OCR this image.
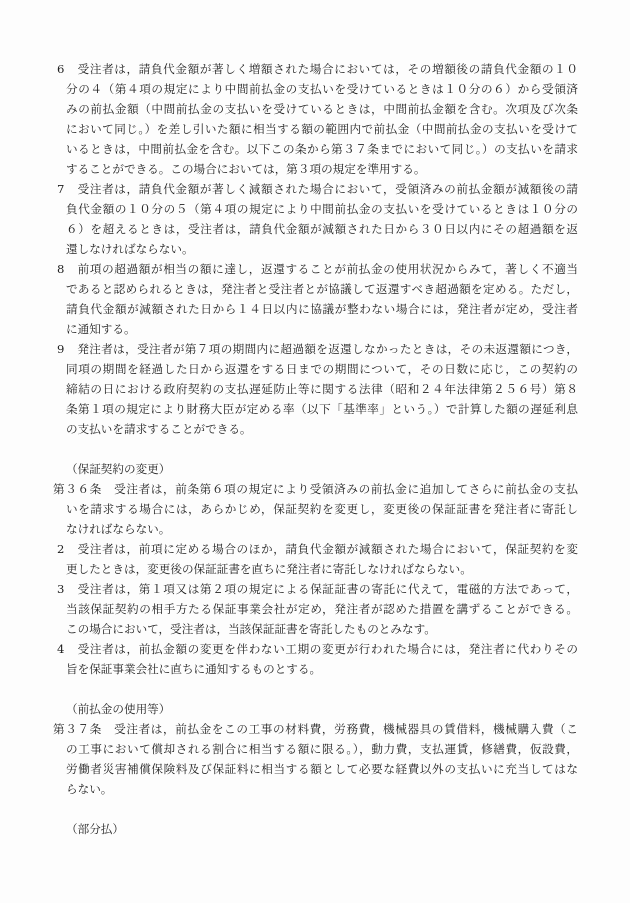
6 受注者は，請負代金額が著しく増額された場合においては，その増額後の請負代金額の１０
分の４（第４項の規定により中間前払金の支払いを受けているときは１０分の６）から受領済
みの前払金額（中間前払金の支払いを受けているときは，中間前払金額を含む。次項及び次条
において同じ。）を差し引いた額に相当する額の範囲内で前払金（中間前払金の支払いを受けて
いるときは，中間前払金を含む。以下この条から第３７条までにおいて同じ。）の支払いを請求
することができる。この場合においては，第３項の規定を準用する。
7 受注者は，請負代金額が著しく減額された場合において，受領済みの前払金額が減額後の請
負代金額の１０分の５（第４項の規定により中間前払金の支払いを受けているときは１０分の
６）を超えるときは，受注者は，請負代金額が減額された日から３０日以内にその超過額を返
還しなければならない。
8 前項の超過額が相当の額に達し，返還することが前払金の使用状況からみて，著しく不適当
であると認められるときは，発注者と受注者とが協議して返還すべき超過額を定める。ただし，
請負代金額が減額された日から１４日以内に協議が整わない場合には，発注者が定め，受注者
に通知する。
9 発注者は，受注者が第７項の期間内に超過額を返還しなかったときは，その未返還額につき，
同項の期間を経過した日から返還をする日までの期間について，その日数に応じ，この契約の
締結の日における政府契約の支払遅延防止等に関する法律（昭和２４年法律第２５６号）第８
条第１項の規定により財務大臣が定める率（以下「基準率」という。）で計算した額の遅延利息
の支払いを請求することができる。
（保証契約の変更）
第３６条　受注者は，前条第６項の規定により受領済みの前払金に追加してさらに前払金の支払
いを請求する場合には，あらかじめ，保証契約を変更し，変更後の保証証書を発注者に寄託し
なければならない。
2 受注者は，前項に定める場合のほか，請負代金額が減額された場合において，保証契約を変
更したときは，変更後の保証証書を直ちに発注者に寄託しなければならない。
3 受注者は，第１項又は第２項の規定による保証証書の寄託に代えて，電磁的方法であって，
当該保証契約の相手方たる保証事業会社が定め，発注者が認めた措置を講ずることができる。
この場合において，受注者は，当該保証証書を寄託したものとみなす。
4 受注者は，前払金額の変更を伴わない工期の変更が行われた場合には，発注者に代わりその
旨を保証事業会社に直ちに通知するものとする。
（前払金の使用等）
第３７条　受注者は，前払金をこの工事の材料費，労務費，機械器具の賃借料，機械購入費（こ
の工事において償却される割合に相当する額に限る。），動力費，支払運賃，修繕費，仮設費，
労働者災害補償保険料及び保証料に相当する額として必要な経費以外の支払いに充当してはな
らない。
（部分払）
